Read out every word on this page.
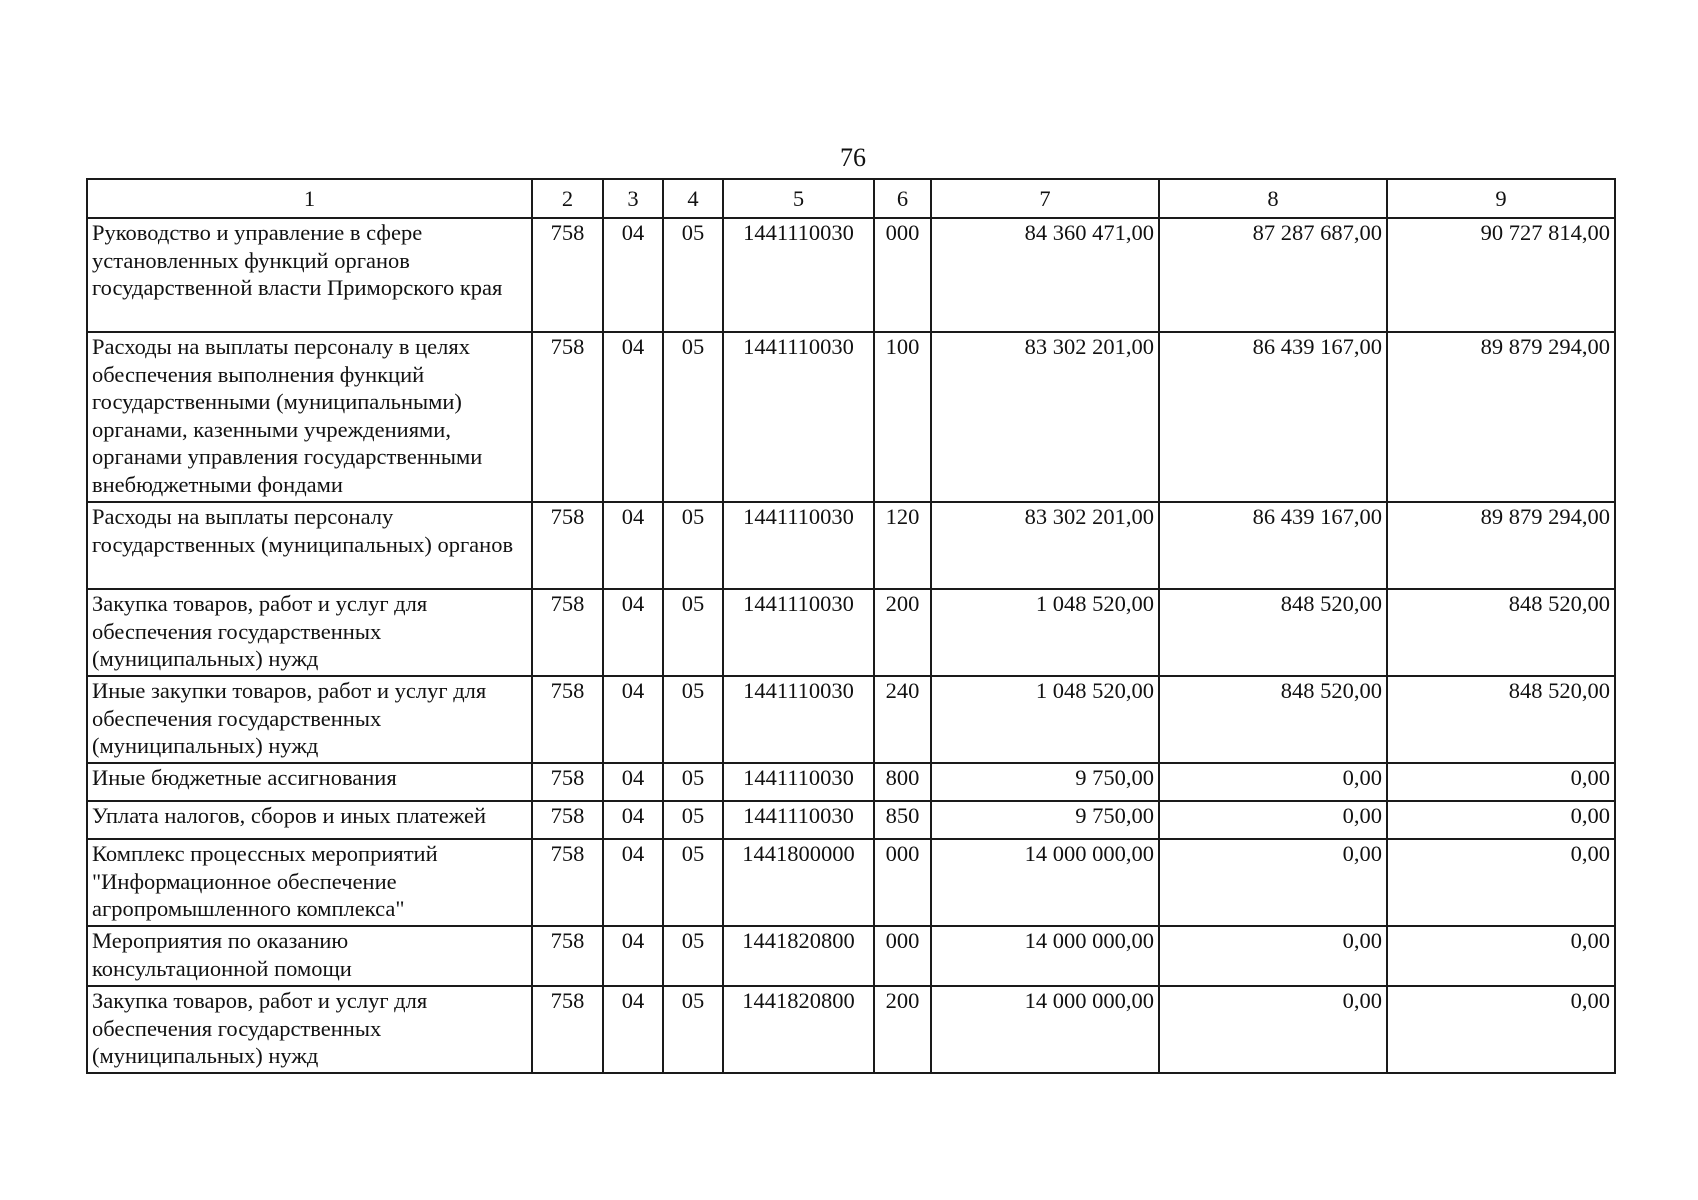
76
1	2	3	4	5	6	7	8	9
Руководство и управление в сфере установленных функций органов государственной власти Приморского края	758	04	05	1441110030	000	84 360 471,00	87 287 687,00	90 727 814,00
Расходы на выплаты персоналу в целях обеспечения выполнения функций государственными (муниципальными) органами, казенными учреждениями, органами управления государственными внебюджетными фондами	758	04	05	1441110030	100	83 302 201,00	86 439 167,00	89 879 294,00
Расходы на выплаты персоналу государственных (муниципальных) органов	758	04	05	1441110030	120	83 302 201,00	86 439 167,00	89 879 294,00
Закупка товаров, работ и услуг для обеспечения государственных (муниципальных) нужд	758	04	05	1441110030	200	1 048 520,00	848 520,00	848 520,00
Иные закупки товаров, работ и услуг для обеспечения государственных (муниципальных) нужд	758	04	05	1441110030	240	1 048 520,00	848 520,00	848 520,00
Иные бюджетные ассигнования	758	04	05	1441110030	800	9 750,00	0,00	0,00
Уплата налогов, сборов и иных платежей	758	04	05	1441110030	850	9 750,00	0,00	0,00
Комплекс процессных мероприятий "Информационное обеспечение агропромышленного комплекса"	758	04	05	1441800000	000	14 000 000,00	0,00	0,00
Мероприятия по оказанию консультационной помощи	758	04	05	1441820800	000	14 000 000,00	0,00	0,00
Закупка товаров, работ и услуг для обеспечения государственных (муниципальных) нужд	758	04	05	1441820800	200	14 000 000,00	0,00	0,00
